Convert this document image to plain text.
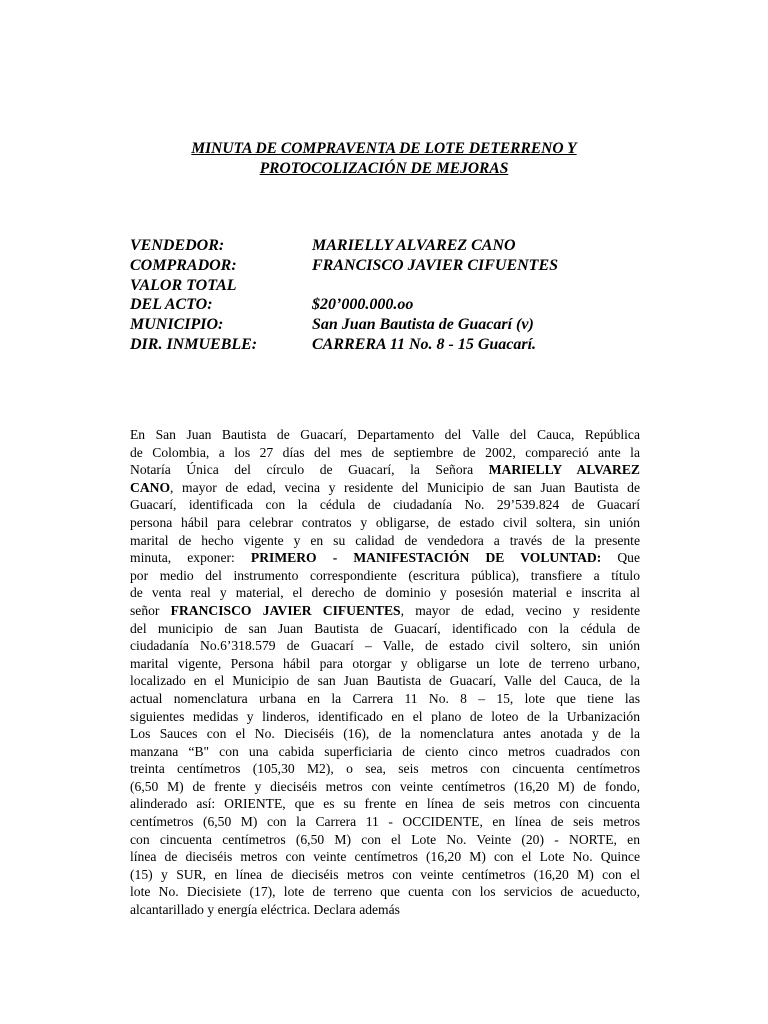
MINUTA DE COMPRAVENTA DE LOTE DETERRENO Y
PROTOCOLIZACIÓN DE MEJORAS
VENDEDOR:	MARIELLY ALVAREZ CANO
COMPRADOR:	FRANCISCO JAVIER CIFUENTES
VALOR TOTAL
DEL ACTO:	$20’000.000.oo
MUNICIPIO:	San Juan Bautista de Guacarí (v)
DIR. INMUEBLE:	CARRERA 11 No. 8 - 15 Guacarí.
En San Juan Bautista de Guacarí, Departamento del Valle del Cauca, República
de Colombia, a los 27 días del mes de septiembre de 2002, compareció ante la
Notaría Única del círculo de Guacarí, la Señora MARIELLY ALVAREZ
CANO, mayor de edad, vecina y residente del Municipio de san Juan Bautista de
Guacarí, identificada con la cédula de ciudadanía No. 29’539.824 de Guacarí
persona hábil para celebrar contratos y obligarse, de estado civil soltera, sin unión
marital de hecho vigente y en su calidad de vendedora a través de la presente
minuta, exponer: PRIMERO - MANIFESTACIÓN DE VOLUNTAD: Que
por medio del instrumento correspondiente (escritura pública), transfiere a título
de venta real y material, el derecho de dominio y posesión material e inscrita al
señor FRANCISCO JAVIER CIFUENTES, mayor de edad, vecino y residente
del municipio de san Juan Bautista de Guacarí, identificado con la cédula de
ciudadanía No.6’318.579 de Guacarí – Valle, de estado civil soltero, sin unión
marital vigente, Persona hábil para otorgar y obligarse un lote de terreno urbano,
localizado en el Municipio de san Juan Bautista de Guacarí, Valle del Cauca, de la
actual nomenclatura urbana en la Carrera 11 No. 8 – 15, lote que tiene las
siguientes medidas y linderos, identificado en el plano de loteo de la Urbanización
Los Sauces con el No. Dieciséis (16), de la nomenclatura antes anotada y de la
manzana “B" con una cabida superficiaria de ciento cinco metros cuadrados con
treinta centímetros (105,30 M2), o sea, seis metros con cincuenta centímetros
(6,50 M) de frente y dieciséis metros con veinte centímetros (16,20 M) de fondo,
alinderado así: ORIENTE, que es su frente en línea de seis metros con cincuenta
centímetros (6,50 M) con la Carrera 11 - OCCIDENTE, en línea de seis metros
con cincuenta centímetros (6,50 M) con el Lote No. Veinte (20) - NORTE, en
línea de dieciséis metros con veinte centímetros (16,20 M) con el Lote No. Quince
(15) y SUR, en línea de dieciséis metros con veinte centímetros (16,20 M) con el
lote No. Diecisiete (17), lote de terreno que cuenta con los servicios de acueducto,
alcantarillado y energía eléctrica. Declara además
